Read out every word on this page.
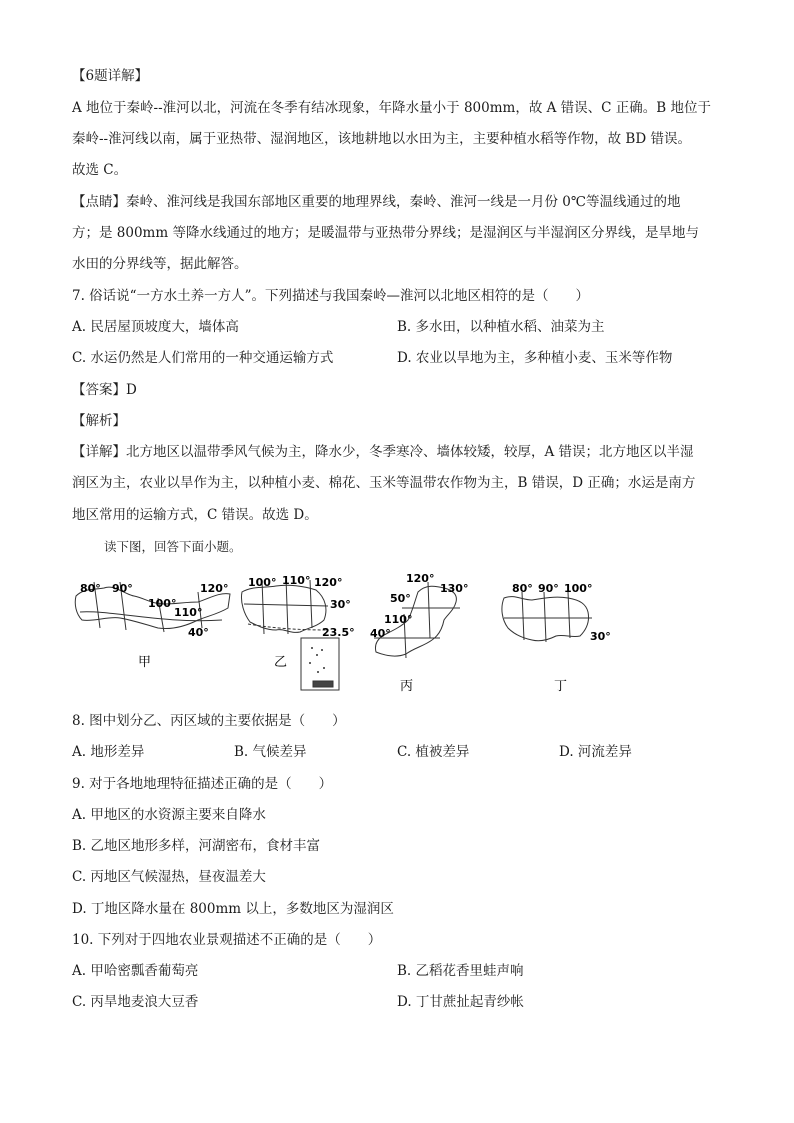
【6题详解】
A 地位于秦岭--淮河以北，河流在冬季有结冰现象，年降水量小于 800mm，故 A 错误、C 正确。B 地位于
秦岭--淮河线以南，属于亚热带、湿润地区，该地耕地以水田为主，主要种植水稻等作物，故 BD 错误。
故选 C。
【点睛】秦岭、淮河线是我国东部地区重要的地理界线，秦岭、淮河一线是一月份 0℃等温线通过的地
方；是 800mm 等降水线通过的地方；是暖温带与亚热带分界线；是湿润区与半湿润区分界线，是旱地与
水田的分界线等，据此解答。
7. 俗话说“一方水土养一方人”。下列描述与我国秦岭—淮河以北地区相符的是（　　）
A. 民居屋顶坡度大，墙体高	B. 多水田，以种植水稻、油菜为主
C. 水运仍然是人们常用的一种交通运输方式	D. 农业以旱地为主，多种植小麦、玉米等作物
【答案】D
【解析】
【详解】北方地区以温带季风气候为主，降水少，冬季寒冷、墙体较矮，较厚，A 错误；北方地区以半湿
润区为主，农业以旱作为主，以种植小麦、棉花、玉米等温带农作物为主，B 错误，D 正确；水运是南方
地区常用的运输方式，C 错误。故选 D。
读下图，回答下面小题。
80° 90°
100°
110°
120°
40°
甲
100° 110° 120°
30°
23.5°
乙
120°
130°
50°
110°
40°
丙
80° 90° 100°
30°
丁
8. 图中划分乙、丙区域的主要依据是（　　）
A. 地形差异	B. 气候差异	C. 植被差异	D. 河流差异
9. 对于各地地理特征描述正确的是（　　）
A. 甲地区的水资源主要来自降水
B. 乙地区地形多样，河湖密布，食材丰富
C. 丙地区气候湿热，昼夜温差大
D. 丁地区降水量在 800mm 以上，多数地区为湿润区
10. 下列对于四地农业景观描述不正确的是（　　）
A. 甲哈密瓢香葡萄亮	B. 乙稻花香里蛙声响
C. 丙旱地麦浪大豆香	D. 丁甘蔗扯起青纱帐
